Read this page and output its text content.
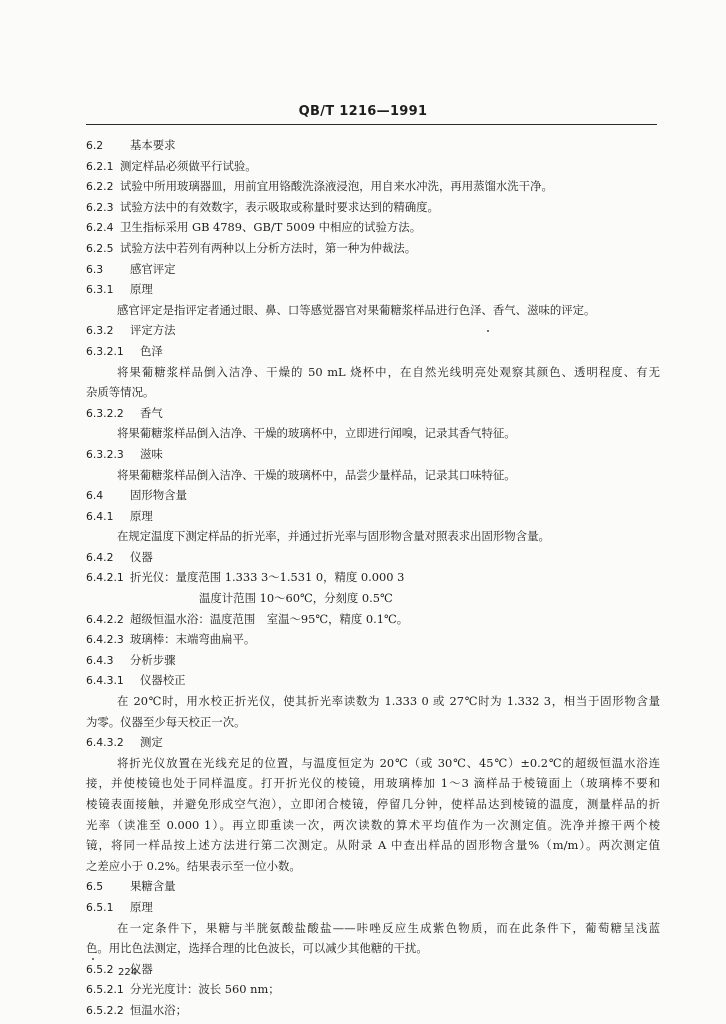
QB/T 1216—1991
6.2 基本要求
6.2.1 测定样品必须做平行试验。
6.2.2 试验中所用玻璃器皿，用前宜用铬酸洗涤液浸泡，用自来水冲洗，再用蒸馏水洗干净。
6.2.3 试验方法中的有效数字，表示吸取或称量时要求达到的精确度。
6.2.4 卫生指标采用 GB 4789、GB/T 5009 中相应的试验方法。
6.2.5 试验方法中若列有两种以上分析方法时，第一种为仲裁法。
6.3 感官评定
6.3.1 原理
感官评定是指评定者通过眼、鼻、口等感觉器官对果葡糖浆样品进行色泽、香气、滋味的评定。
6.3.2 评定方法
6.3.2.1 色泽
将果葡糖浆样品倒入洁净、干燥的 50 mL 烧杯中，在自然光线明亮处观察其颜色、透明程度、有无
杂质等情况。
6.3.2.2 香气
将果葡糖浆样品倒入洁净、干燥的玻璃杯中，立即进行闻嗅，记录其香气特征。
6.3.2.3 滋味
将果葡糖浆样品倒入洁净、干燥的玻璃杯中，品尝少量样品，记录其口味特征。
6.4 固形物含量
6.4.1 原理
在规定温度下测定样品的折光率，并通过折光率与固形物含量对照表求出固形物含量。
6.4.2 仪器
6.4.2.1 折光仪：量度范围 1.333 3～1.531 0，精度 0.000 3
温度计范围 10～60℃，分刻度 0.5℃
6.4.2.2 超级恒温水浴：温度范围　室温～95℃，精度 0.1℃。
6.4.2.3 玻璃棒：末端弯曲扁平。
6.4.3 分析步骤
6.4.3.1 仪器校正
在 20℃时，用水校正折光仪，使其折光率读数为 1.333 0 或 27℃时为 1.332 3，相当于固形物含量
为零。仪器至少每天校正一次。
6.4.3.2 测定
将折光仪放置在光线充足的位置，与温度恒定为 20℃（或 30℃、45℃）±0.2℃的超级恒温水浴连
接，并使棱镜也处于同样温度。打开折光仪的棱镜，用玻璃棒加 1～3 滴样品于棱镜面上（玻璃棒不要和
棱镜表面接触，并避免形成空气泡），立即闭合棱镜，停留几分钟，使样品达到棱镜的温度，测量样品的折
光率（读准至 0.000 1）。再立即重读一次，两次读数的算术平均值作为一次测定值。洗净并擦干两个棱
镜，将同一样品按上述方法进行第二次测定。从附录 A 中查出样品的固形物含量%（m/m）。两次测定值
之差应小于 0.2%。结果表示至一位小数。
6.5 果糖含量
6.5.1 原理
在一定条件下，果糖与半胱氨酸盐酸盐——咔唑反应生成紫色物质，而在此条件下，葡萄糖呈浅蓝
色。用比色法测定，选择合理的比色波长，可以减少其他糖的干扰。
6.5.2 仪器
6.5.2.1 分光光度计：波长 560 nm；
6.5.2.2 恒温水浴；
224
